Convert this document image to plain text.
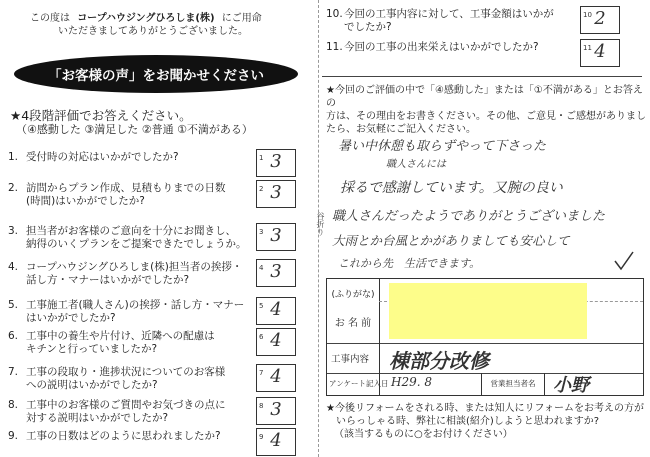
この度は コープハウジングひろしま(株) にご用命
いただきましてありがとうございました。
「お客様の声」をお聞かせください
★4段階評価でお答えください。
（④感動した ③満足した ②普通 ①不満がある）
1. 受付時の対応はいかがでしたか?	1 3
2. 訪問からプラン作成、見積もりまでの日数
(時間)はいかがでしたか?
2 3
3. 担当者がお客様のご意向を十分にお聞きし、
納得のいくプランをご提案できたでしょうか。
3 3
4. コープハウジングひろしま(株)担当者の挨拶・
話し方・マナーはいかがでしたか?
4 3
5. 工事施工者(職人さん)の挨拶・話し方・マナー
はいかがでしたか?
5 4
6. 工事中の養生や片付け、近隣への配慮は
キチンと行っていましたか?
6 4
7. 工事の段取り・進捗状況についてのお客様
への説明はいかがでしたか?
7 4
8. 工事中のお客様のご質問やお気づきの点に
対する説明はいかがでしたか?
8 3
9. 工事の日数はどのように思われましたか?	9 4
谷折り
10. 今回の工事内容に対して、工事金額はいかが
でしたか?
10 2
11. 今回の工事の出来栄えはいかがでしたか?	11 4
★今回のご評価の中で「④感動した」または「①不満がある」とお答えの
方は、その理由をお書きください。その他、ご意見・ご感想がありまし
たら、お気軽にご記入ください。
暑い中休憩も取らずやって下さった
職人さんには
採るで感謝しています。又腕の良い
職人さんだったようでありがとうございました
大雨とか台風とかがありましても安心して
これから先　生活できます。
(ふりがな)
お 名 前
工事内容 棟部分改修
アンケート記入日 H29. 8	営業担当者名 小野
★今後リフォームをされる時、または知人にリフォームをお考えの方が
いらっしゃる時、弊社に相談(紹介)しようと思われますか?
（該当するものに○をお付けください）
